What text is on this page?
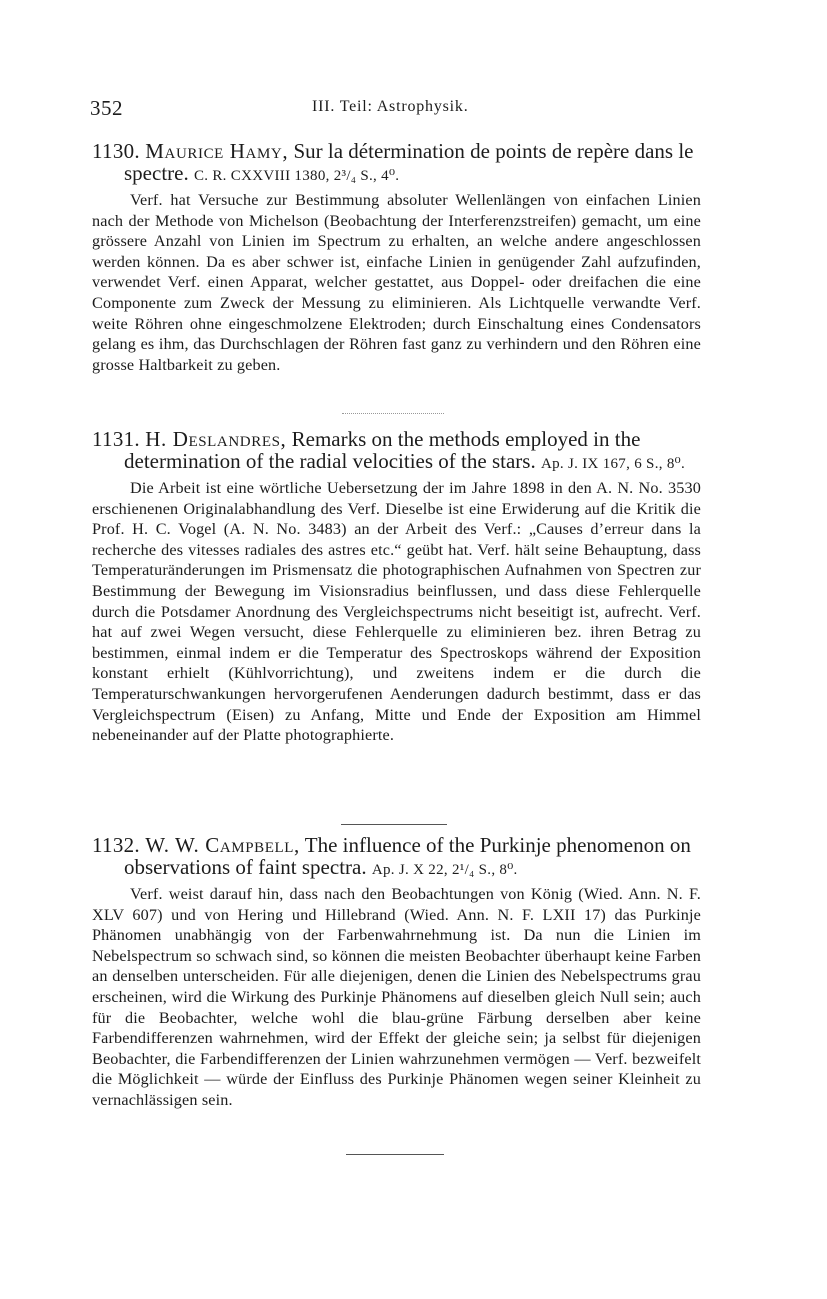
352	III. Teil: Astrophysik.

1130. Maurice Hamy, Sur la détermination de points de repère dans le spectre. C. R. CXXVIII 1380, 2³/₄ S., 4⁰.

Verf. hat Versuche zur Bestimmung absoluter Wellenlängen von einfachen Linien nach der Methode von Michelson (Beobachtung der Interferenzstreifen) gemacht, um eine grössere Anzahl von Linien im Spectrum zu erhalten, an welche andere angeschlossen werden können. Da es aber schwer ist, einfache Linien in genügender Zahl aufzufinden, verwendet Verf. einen Apparat, welcher gestattet, aus Doppel- oder dreifachen die eine Componente zum Zweck der Messung zu eliminieren. Als Lichtquelle verwandte Verf. weite Röhren ohne eingeschmolzene Elektroden; durch Einschaltung eines Condensators gelang es ihm, das Durchschlagen der Röhren fast ganz zu verhindern und den Röhren eine grosse Haltbarkeit zu geben.

1131. H. Deslandres, Remarks on the methods employed in the determination of the radial velocities of the stars. Ap. J. IX 167, 6 S., 8⁰.

Die Arbeit ist eine wörtliche Uebersetzung der im Jahre 1898 in den A. N. No. 3530 erschienenen Originalabhandlung des Verf. Dieselbe ist eine Erwiderung auf die Kritik die Prof. H. C. Vogel (A. N. No. 3483) an der Arbeit des Verf.: „Causes d’erreur dans la recherche des vitesses radiales des astres etc.“ geübt hat. Verf. hält seine Behauptung, dass Temperaturänderungen im Prismensatz die photographischen Aufnahmen von Spectren zur Bestimmung der Bewegung im Visionsradius beinflussen, und dass diese Fehlerquelle durch die Potsdamer Anordnung des Vergleichspectrums nicht beseitigt ist, aufrecht. Verf. hat auf zwei Wegen versucht, diese Fehlerquelle zu eliminieren bez. ihren Betrag zu bestimmen, einmal indem er die Temperatur des Spectroskops während der Exposition konstant erhielt (Kühlvorrichtung), und zweitens indem er die durch die Temperaturschwankungen hervorgerufenen Aenderungen dadurch bestimmt, dass er das Vergleichspectrum (Eisen) zu Anfang, Mitte und Ende der Exposition am Himmel nebeneinander auf der Platte photographierte.

1132. W. W. Campbell, The influence of the Purkinje phenomenon on observations of faint spectra. Ap. J. X 22, 2¹/₄ S., 8⁰.

Verf. weist darauf hin, dass nach den Beobachtungen von König (Wied. Ann. N. F. XLV 607) und von Hering und Hillebrand (Wied. Ann. N. F. LXII 17) das Purkinje Phänomen unabhängig von der Farbenwahrnehmung ist. Da nun die Linien im Nebelspectrum so schwach sind, so können die meisten Beobachter überhaupt keine Farben an denselben unterscheiden. Für alle diejenigen, denen die Linien des Nebelspectrums grau erscheinen, wird die Wirkung des Purkinje Phänomens auf dieselben gleich Null sein; auch für die Beobachter, welche wohl die blau-grüne Färbung derselben aber keine Farbendifferenzen wahrnehmen, wird der Effekt der gleiche sein; ja selbst für diejenigen Beobachter, die Farbendifferenzen der Linien wahrzunehmen vermögen — Verf. bezweifelt die Möglichkeit — würde der Einfluss des Purkinje Phänomen wegen seiner Kleinheit zu vernachlässigen sein.
